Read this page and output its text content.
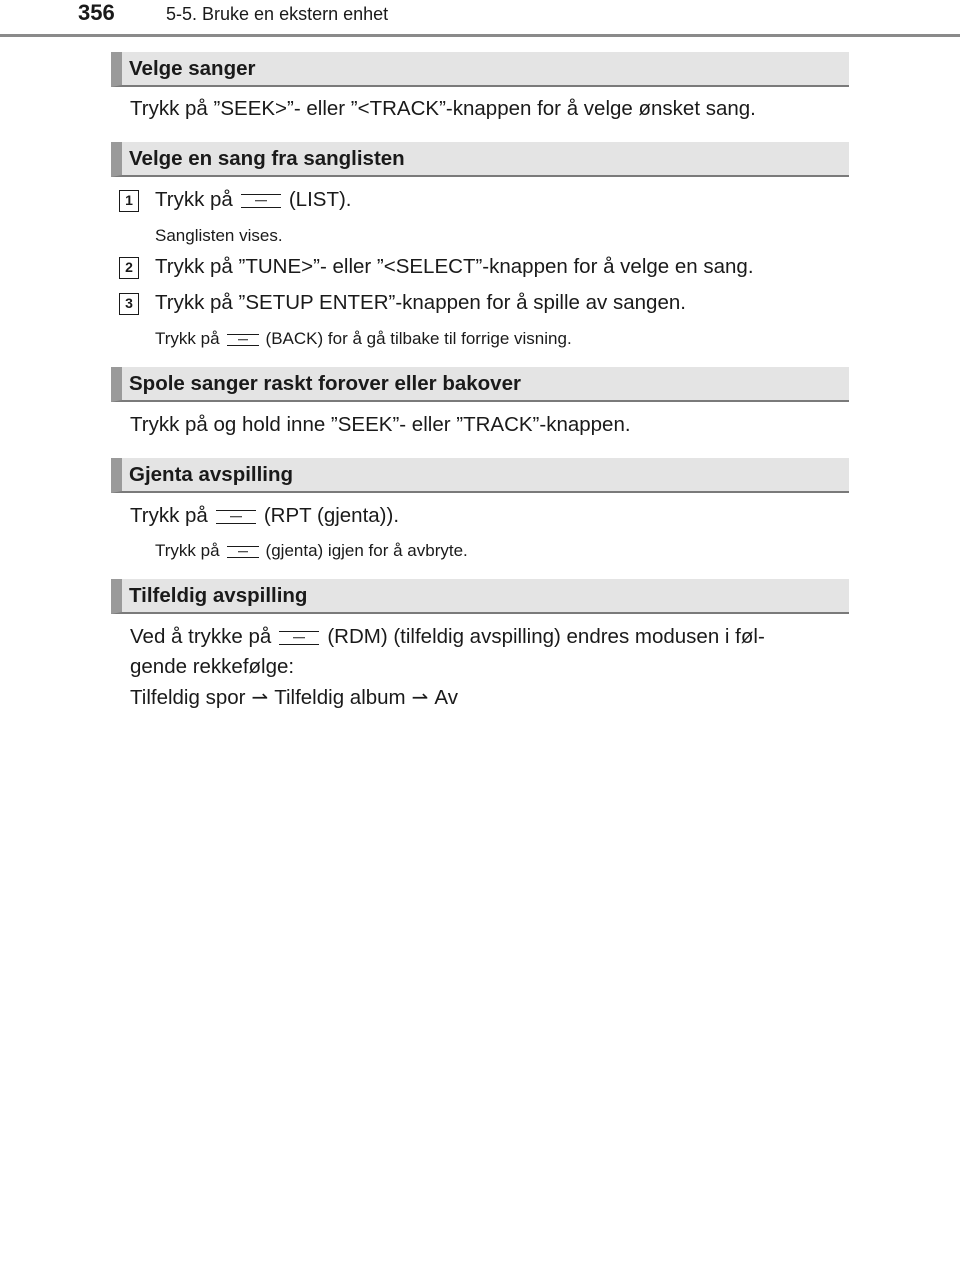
356	5-5. Bruke en ekstern enhet
Velge sanger
Trykk på ”SEEK>”- eller ”<TRACK”-knappen for å velge ønsket sang.
Velge en sang fra sanglisten
1 Trykk på	(LIST).
Sanglisten vises.
2 Trykk på ”TUNE>”- eller ”<SELECT”-knappen for å velge en sang.
3 Trykk på ”SETUP ENTER”-knappen for å spille av sangen.
Trykk på	(BACK) for å gå tilbake til forrige visning.
Spole sanger raskt forover eller bakover
Trykk på og hold inne ”SEEK”- eller ”TRACK”-knappen.
Gjenta avspilling
Trykk på	(RPT (gjenta)).
Trykk på	(gjenta) igjen for å avbryte.
Tilfeldig avspilling
Ved å trykke på	(RDM) (tilfeldig avspilling) endres modusen i føl-
gende rekkefølge:
Tilfeldig spor ⇀ Tilfeldig album ⇀ Av
